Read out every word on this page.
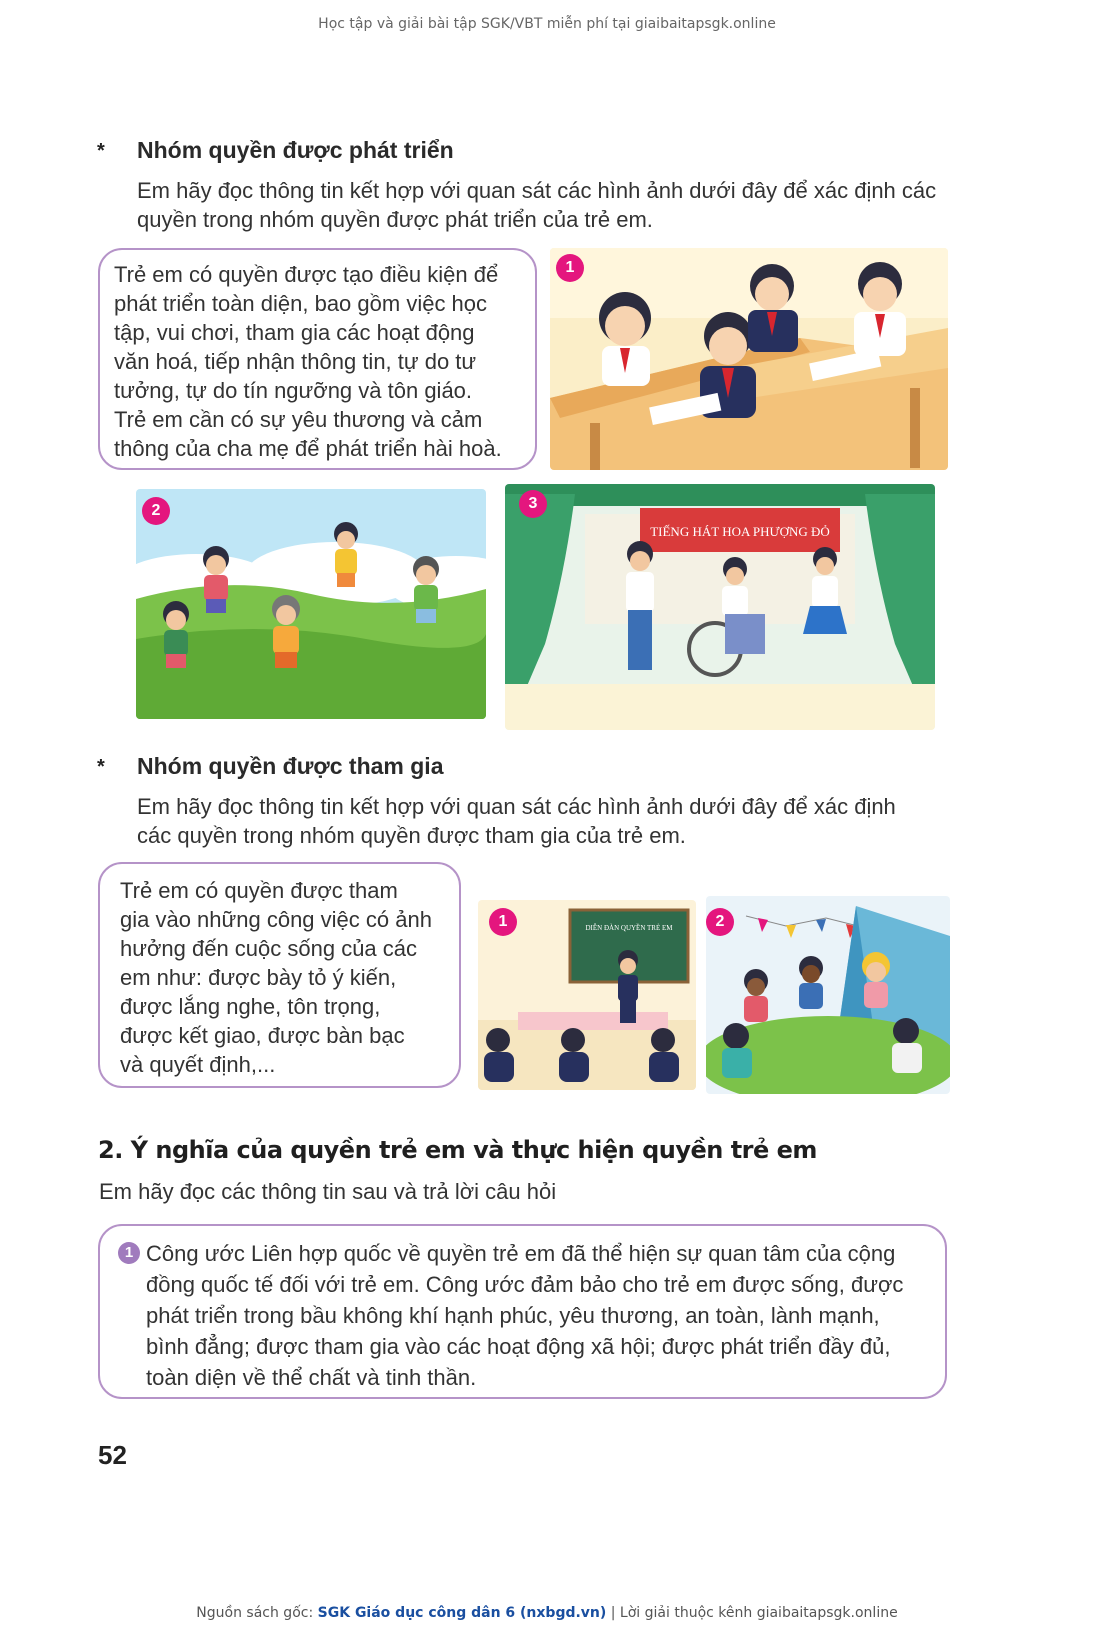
Học tập và giải bài tập SGK/VBT miễn phí tại giaibaitapsgk.online
* Nhóm quyền được phát triển
Em hãy đọc thông tin kết hợp với quan sát các hình ảnh dưới đây để xác định các
quyền trong nhóm quyền được phát triển của trẻ em.
Trẻ em có quyền được tạo điều kiện để
phát triển toàn diện, bao gồm việc học
tập, vui chơi, tham gia các hoạt động
văn hoá, tiếp nhận thông tin, tự do tư
tưởng, tự do tín ngưỡng và tôn giáo.
Trẻ em cần có sự yêu thương và cảm
thông của cha mẹ để phát triển hài hoà.
1
2
TIẾNG HÁT HOA PHƯỢNG ĐỎ
3
* Nhóm quyền được tham gia
Em hãy đọc thông tin kết hợp với quan sát các hình ảnh dưới đây để xác định
các quyền trong nhóm quyền được tham gia của trẻ em.
Trẻ em có quyền được tham
gia vào những công việc có ảnh
hưởng đến cuộc sống của các
em như: được bày tỏ ý kiến,
được lắng nghe, tôn trọng,
được kết giao, được bàn bạc
và quyết định,...
DIỄN ĐÀN QUYỀN TRẺ EM
1	2
2. Ý nghĩa của quyền trẻ em và thực hiện quyền trẻ em
Em hãy đọc các thông tin sau và trả lời câu hỏi
1 Công ước Liên hợp quốc về quyền trẻ em đã thể hiện sự quan tâm của cộng
đồng quốc tế đối với trẻ em. Công ước đảm bảo cho trẻ em được sống, được
phát triển trong bầu không khí hạnh phúc, yêu thương, an toàn, lành mạnh,
bình đẳng; được tham gia vào các hoạt động xã hội; được phát triển đầy đủ,
toàn diện về thể chất và tinh thần.
52
Nguồn sách gốc: SGK Giáo dục công dân 6 (nxbgd.vn) | Lời giải thuộc kênh giaibaitapsgk.online
